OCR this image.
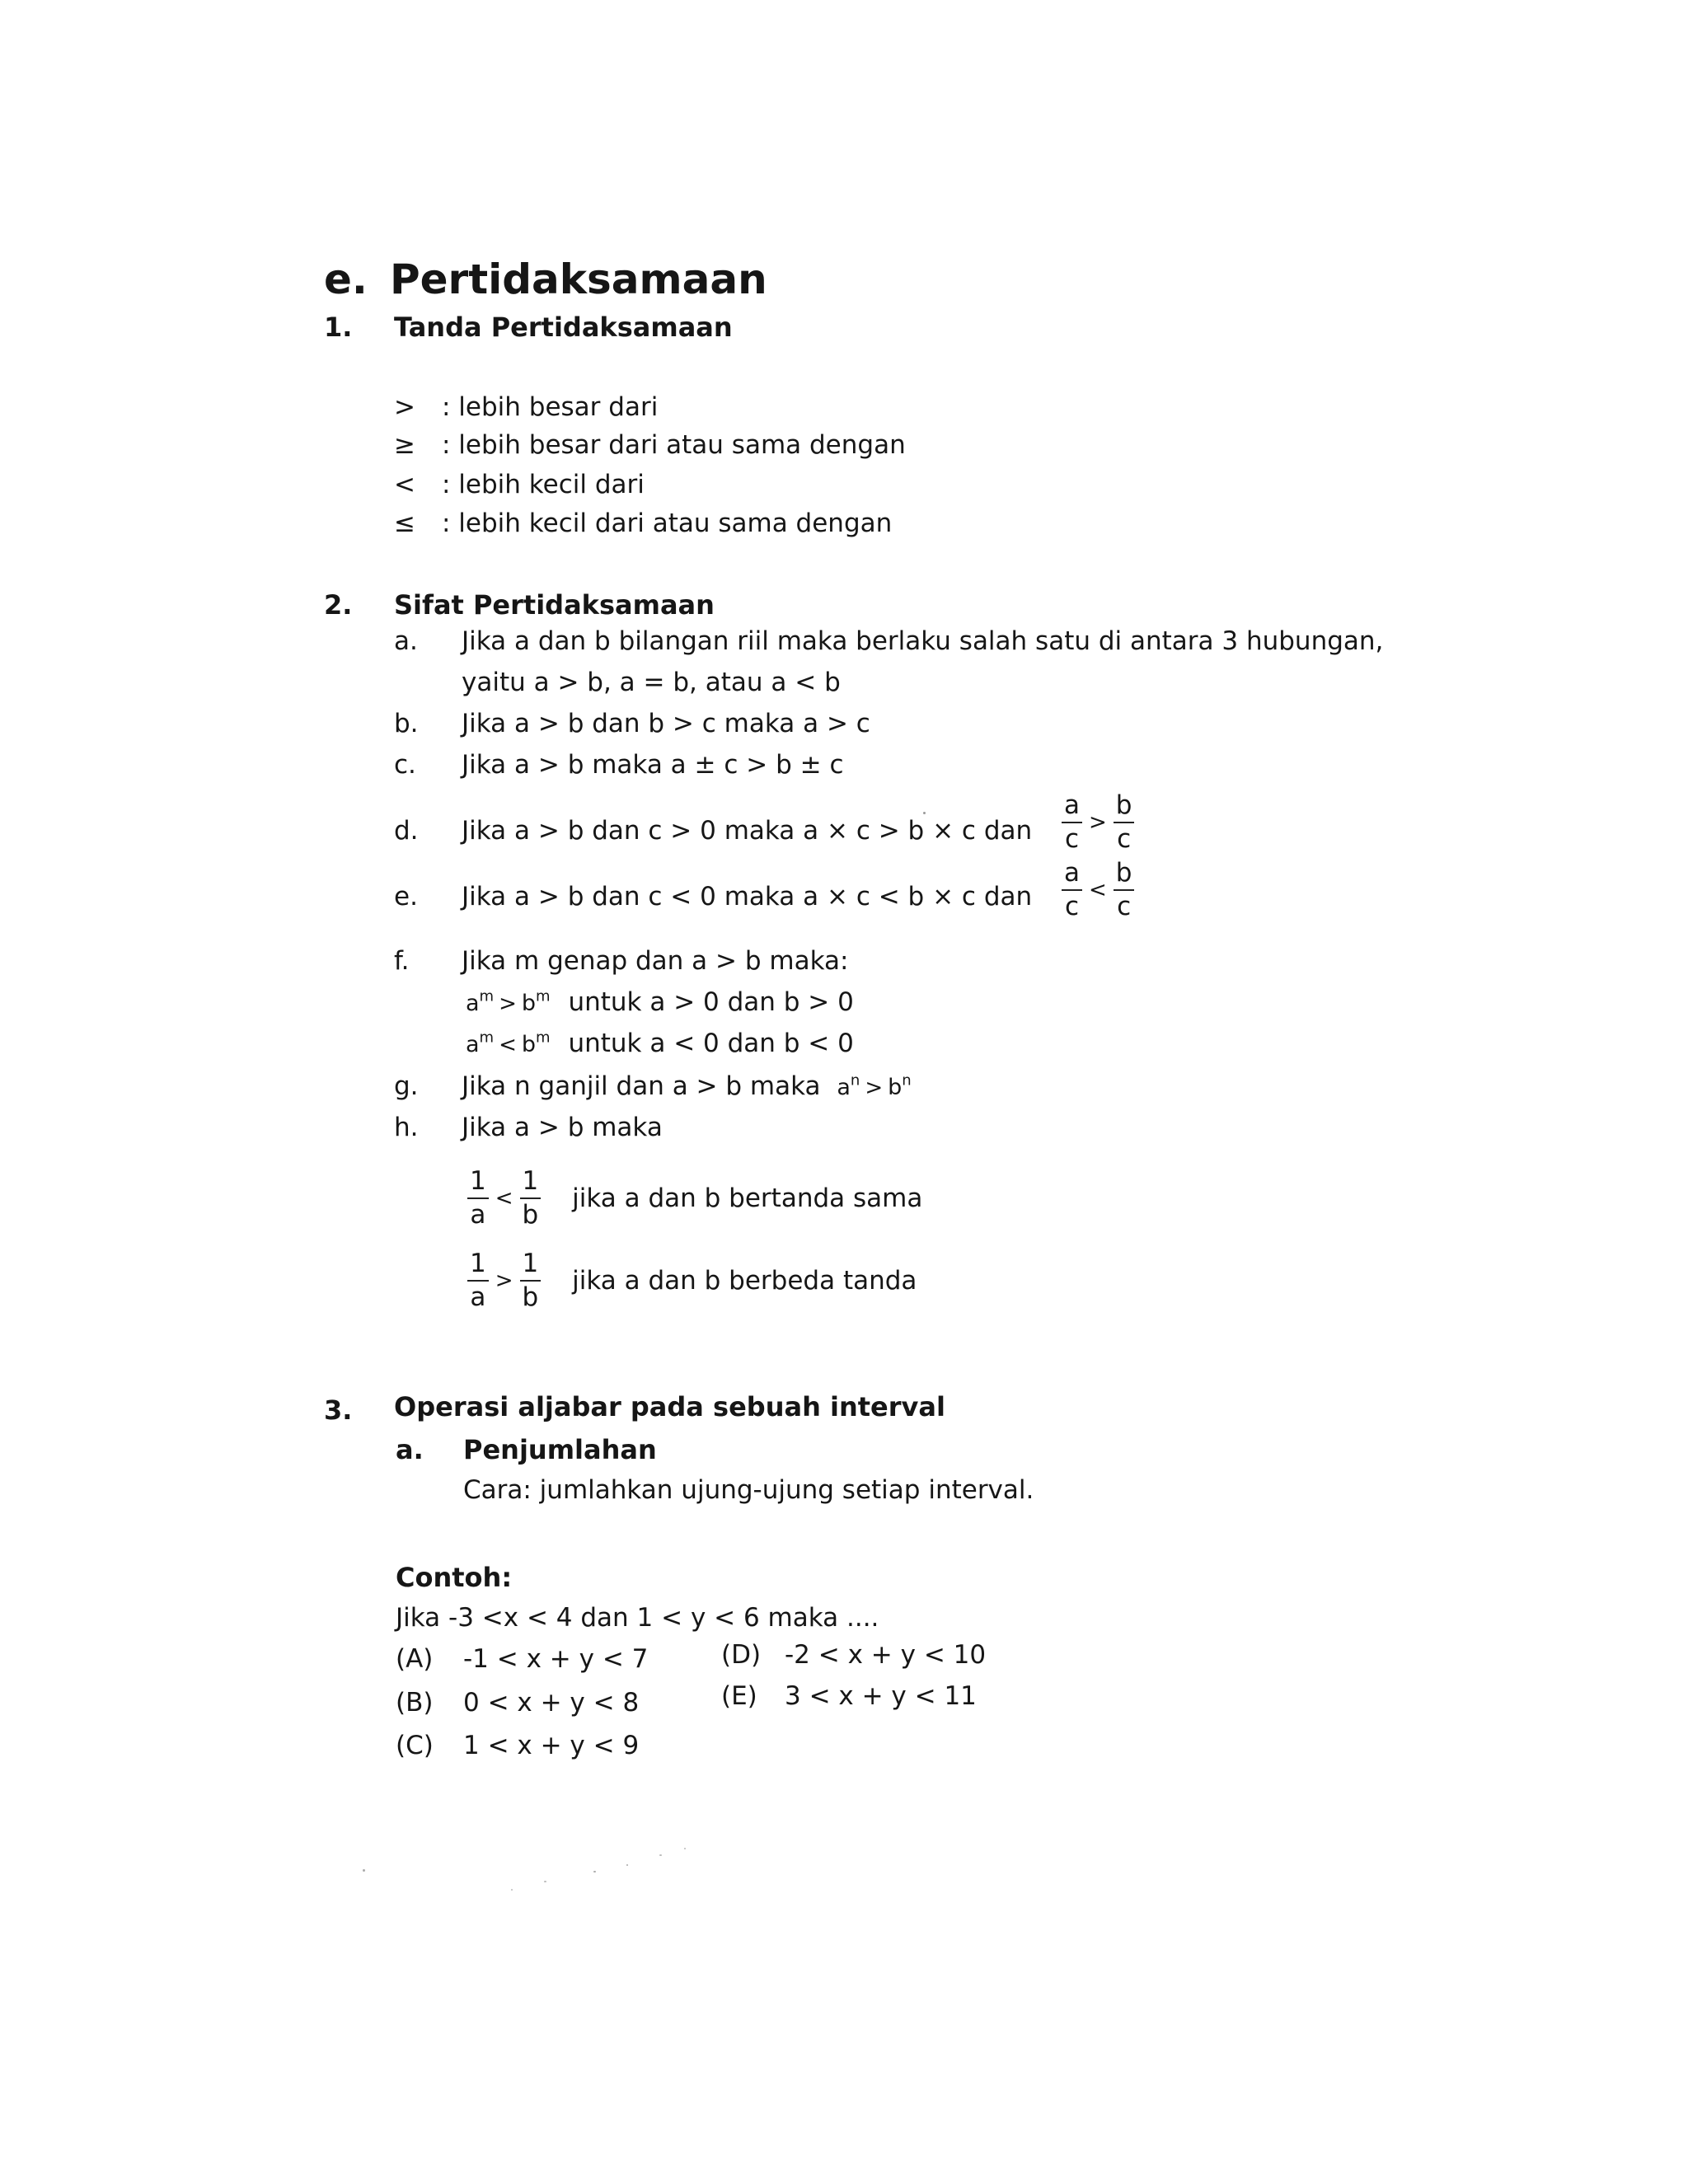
e. Pertidaksamaan
1. Tanda Pertidaksamaan
> : lebih besar dari
≥ : lebih besar dari atau sama dengan
< : lebih kecil dari
≤ : lebih kecil dari atau sama dengan
2. Sifat Pertidaksamaan
a. Jika a dan b bilangan riil maka berlaku salah satu di antara 3 hubungan,
yaitu a > b, a = b, atau a < b
b. Jika a > b dan b > c maka a > c
c. Jika a > b maka a ± c > b ± c
d. Jika a > b dan c > 0 maka a × c > b × c dan $\frac{a}{c} > \frac{b}{c}$
e. Jika a > b dan c < 0 maka a × c < b × c dan $\frac{a}{c} < \frac{b}{c}$
f. Jika m genap dan a > b maka:
$a^m > b^m$ untuk a > 0 dan b > 0
$a^m < b^m$ untuk a < 0 dan b < 0
g. Jika n ganjil dan a > b maka $a^n > b^n$
h. Jika a > b maka
$\frac{1}{a} < \frac{1}{b}$ jika a dan b bertanda sama
$\frac{1}{a} > \frac{1}{b}$ jika a dan b berbeda tanda
3. Operasi aljabar pada sebuah interval
a. Penjumlahan
Cara: jumlahkan ujung-ujung setiap interval.
Contoh:
Jika -3 <x < 4 dan 1 < y < 6 maka ....
(A) -1 < x + y < 7
(B) 0 < x + y < 8
(C) 1 < x + y < 9
(D) -2 < x + y < 10
(E) 3 < x + y < 11
